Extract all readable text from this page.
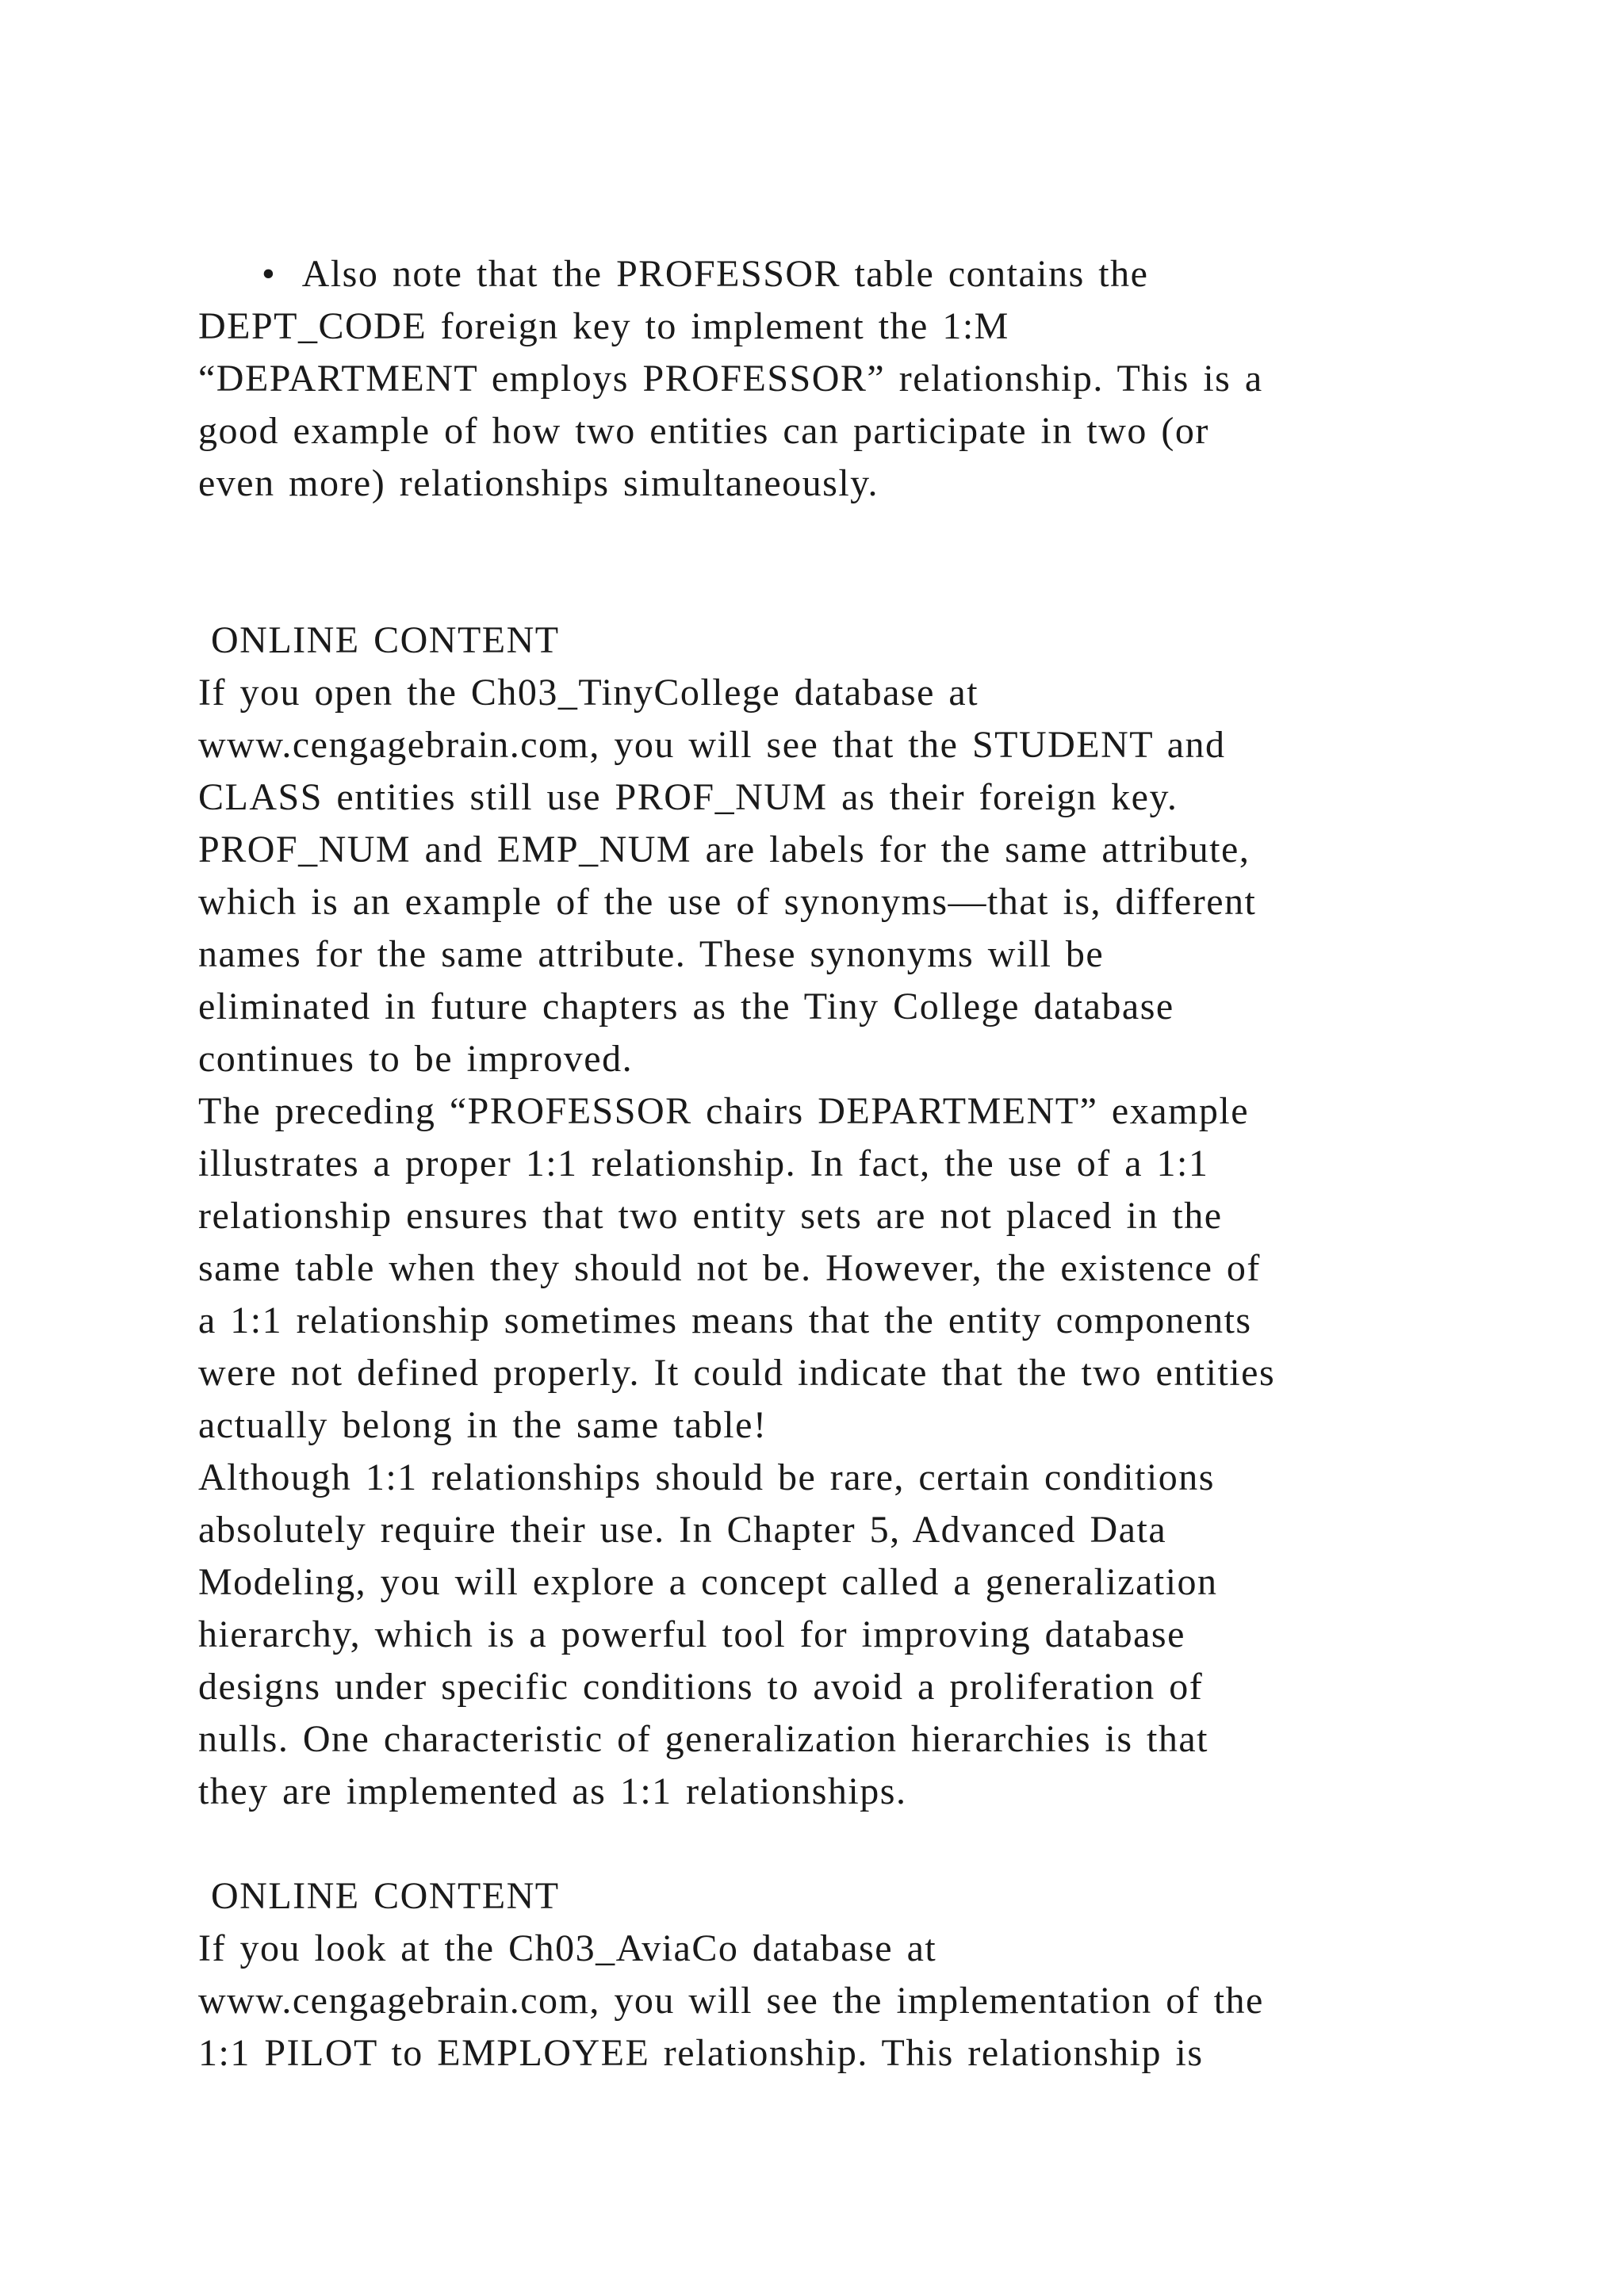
•  Also note that the PROFESSOR table contains the
DEPT_CODE foreign key to implement the 1:M
“DEPARTMENT employs PROFESSOR” relationship. This is a
good example of how two entities can participate in two (or
even more) relationships simultaneously.
ONLINE CONTENT
If you open the Ch03_TinyCollege database at
www.cengagebrain.com, you will see that the STUDENT and
CLASS entities still use PROF_NUM as their foreign key.
PROF_NUM and EMP_NUM are labels for the same attribute,
which is an example of the use of synonyms—that is, different
names for the same attribute. These synonyms will be
eliminated in future chapters as the Tiny College database
continues to be improved.
The preceding “PROFESSOR chairs DEPARTMENT” example
illustrates a proper 1:1 relationship. In fact, the use of a 1:1
relationship ensures that two entity sets are not placed in the
same table when they should not be. However, the existence of
a 1:1 relationship sometimes means that the entity components
were not defined properly. It could indicate that the two entities
actually belong in the same table!
Although 1:1 relationships should be rare, certain conditions
absolutely require their use. In Chapter 5, Advanced Data
Modeling, you will explore a concept called a generalization
hierarchy, which is a powerful tool for improving database
designs under specific conditions to avoid a proliferation of
nulls. One characteristic of generalization hierarchies is that
they are implemented as 1:1 relationships.
ONLINE CONTENT
If you look at the Ch03_AviaCo database at
www.cengagebrain.com, you will see the implementation of the
1:1 PILOT to EMPLOYEE relationship. This relationship is
